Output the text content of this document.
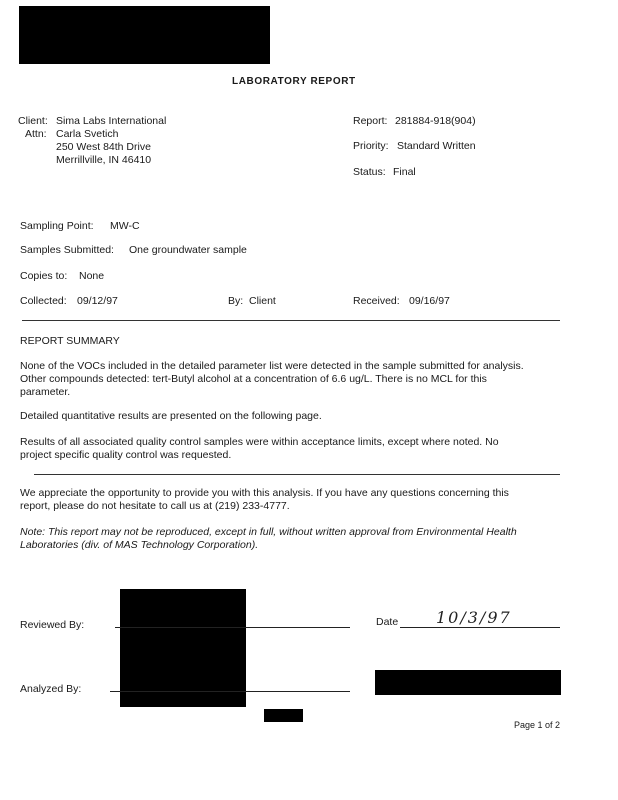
LABORATORY REPORT
Client: Sima Labs International
Attn: Carla Svetich
250 West 84th Drive
Merrillville, IN 46410
Report: 281884-918(904)
Priority: Standard Written
Status: Final
Sampling Point: MW-C
Samples Submitted: One groundwater sample
Copies to: None
Collected: 09/12/97	By: Client	Received: 09/16/97
REPORT SUMMARY
None of the VOCs included in the detailed parameter list were detected in the sample submitted for analysis.
Other compounds detected: tert-Butyl alcohol at a concentration of 6.6 ug/L. There is no MCL for this
parameter.
Detailed quantitative results are presented on the following page.
Results of all associated quality control samples were within acceptance limits, except where noted. No
project specific quality control was requested.
We appreciate the opportunity to provide you with this analysis. If you have any questions concerning this
report, please do not hesitate to call us at (219) 233-4777.
Note: This report may not be reproduced, except in full, without written approval from Environmental Health
Laboratories (div. of MAS Technology Corporation).
Reviewed By:	Date 10/3/97
Analyzed By:
Page 1 of 2
